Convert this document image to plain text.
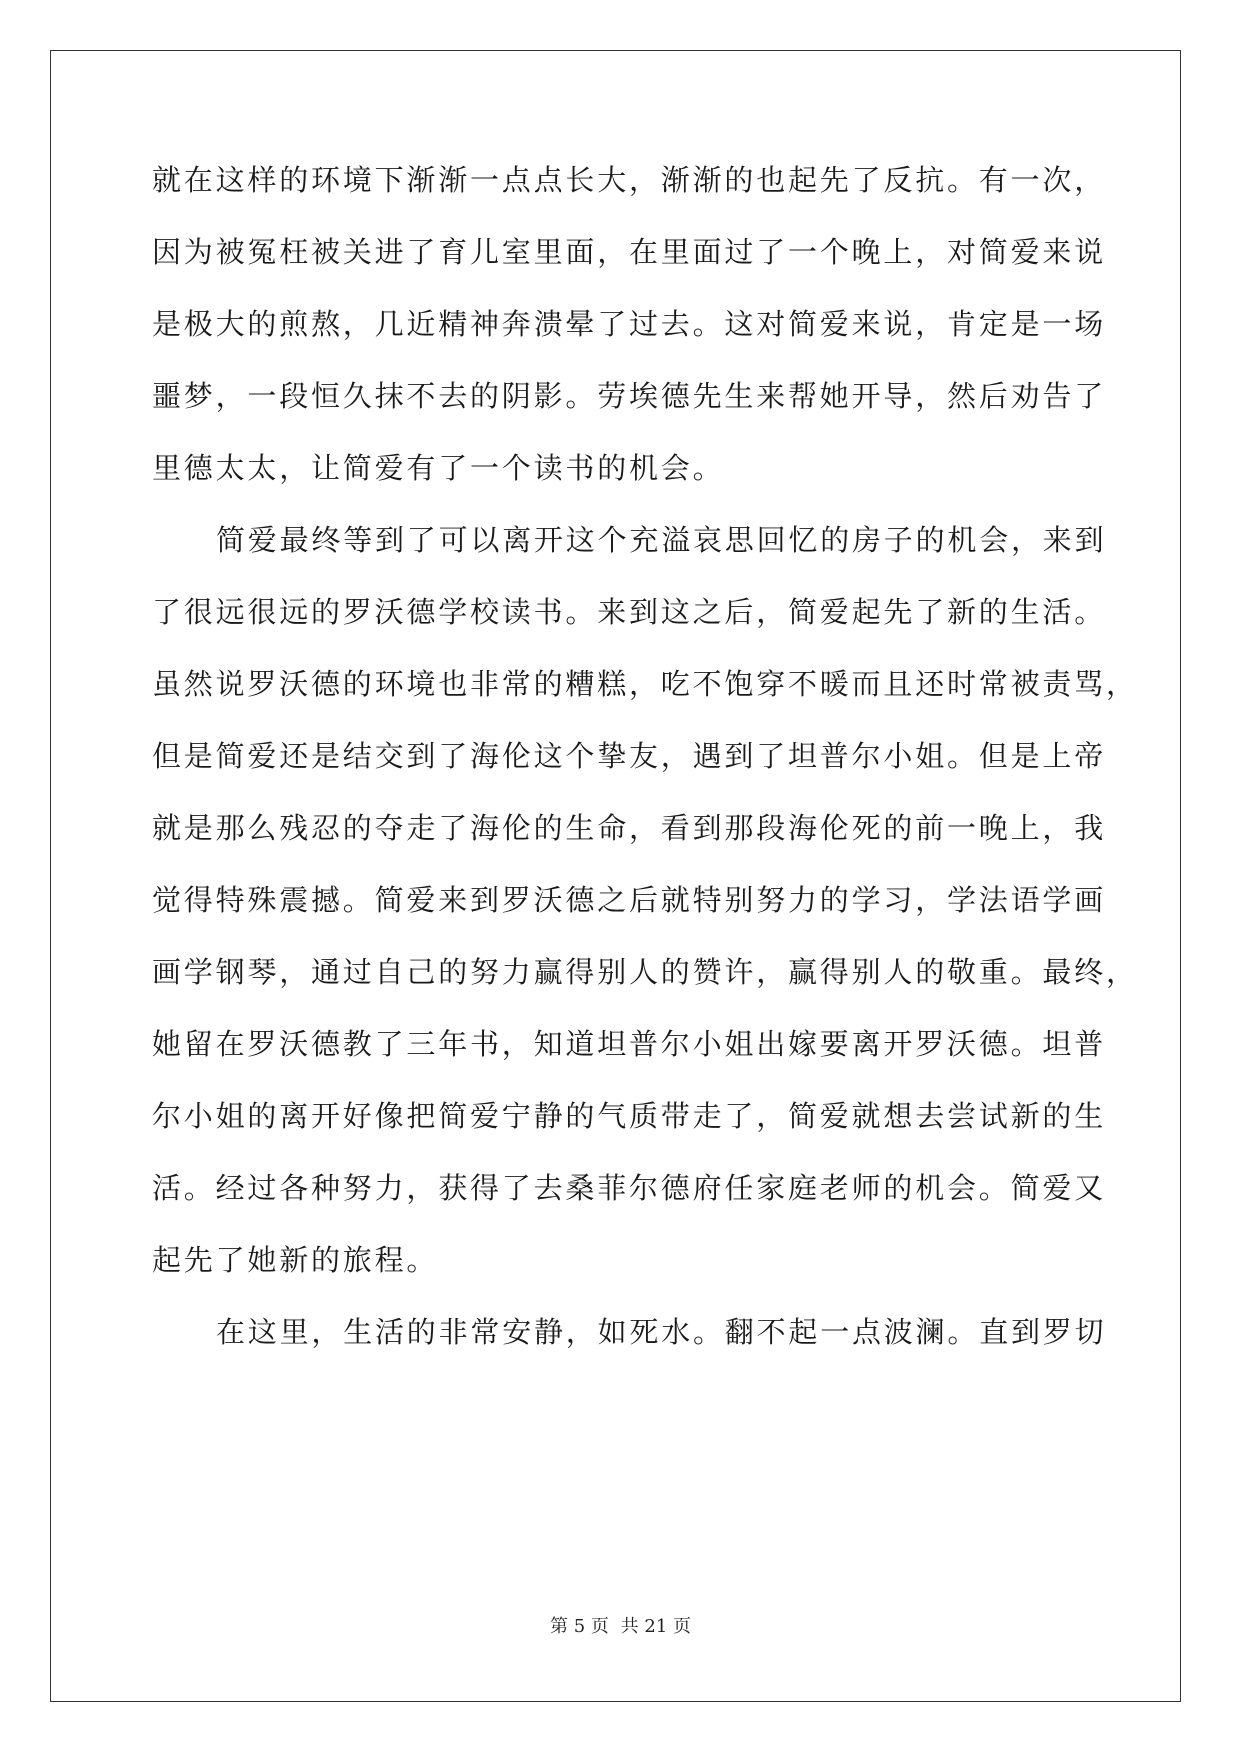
就在这样的环境下渐渐一点点长大，渐渐的也起先了反抗。有一次，
因为被冤枉被关进了育儿室里面，在里面过了一个晚上，对简爱来说
是极大的煎熬，几近精神奔溃晕了过去。这对简爱来说，肯定是一场
噩梦，一段恒久抹不去的阴影。劳埃德先生来帮她开导，然后劝告了
里德太太，让简爱有了一个读书的机会。
简爱最终等到了可以离开这个充溢哀思回忆的房子的机会，来到
了很远很远的罗沃德学校读书。来到这之后，简爱起先了新的生活。
虽然说罗沃德的环境也非常的糟糕，吃不饱穿不暖而且还时常被责骂，
但是简爱还是结交到了海伦这个挚友，遇到了坦普尔小姐。但是上帝
就是那么残忍的夺走了海伦的生命，看到那段海伦死的前一晚上，我
觉得特殊震撼。简爱来到罗沃德之后就特别努力的学习，学法语学画
画学钢琴，通过自己的努力赢得别人的赞许，赢得别人的敬重。最终，
她留在罗沃德教了三年书，知道坦普尔小姐出嫁要离开罗沃德。坦普
尔小姐的离开好像把简爱宁静的气质带走了，简爱就想去尝试新的生
活。经过各种努力，获得了去桑菲尔德府任家庭老师的机会。简爱又
起先了她新的旅程。
在这里，生活的非常安静，如死水。翻不起一点波澜。直到罗切
第 5 页 共 21 页
